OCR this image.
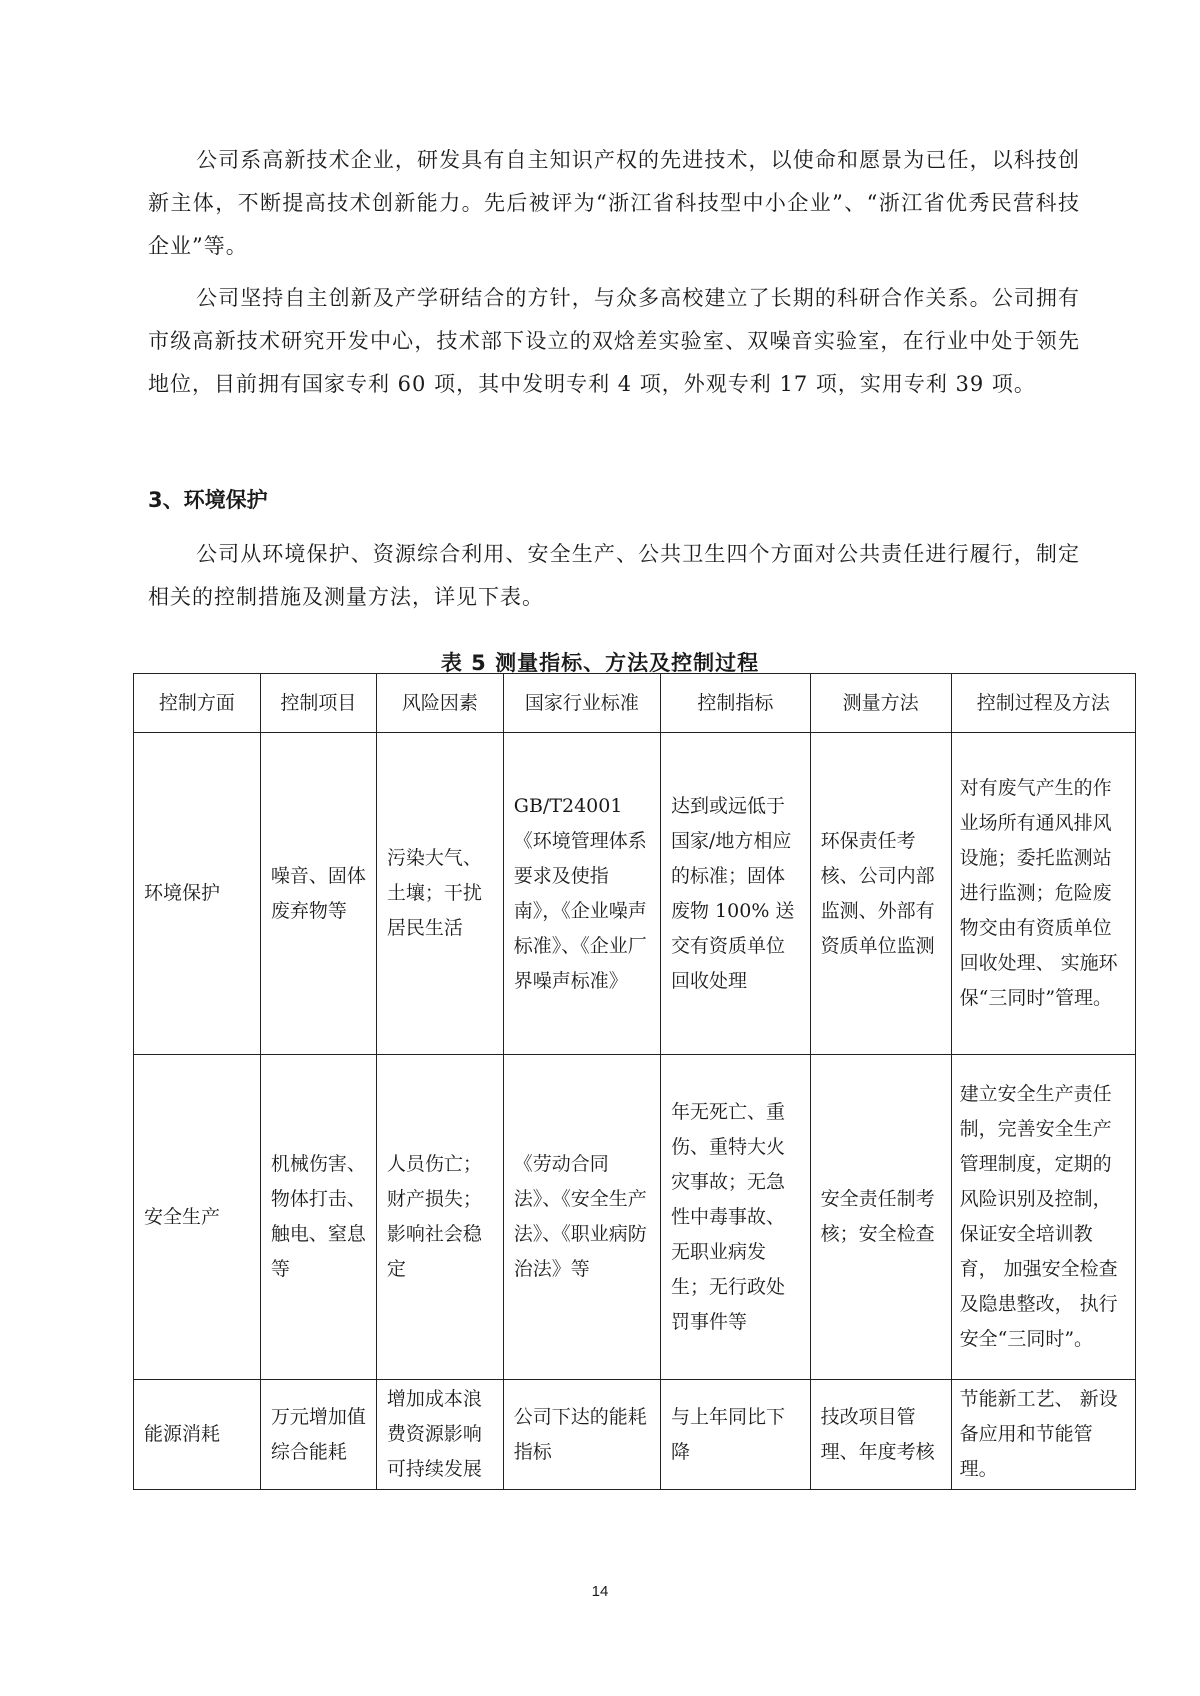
公司系高新技术企业，研发具有自主知识产权的先进技术，以使命和愿景为已任，以科技创新主体，不断提高技术创新能力。先后被评为“浙江省科技型中小企业”、“浙江省优秀民营科技企业”等。

公司坚持自主创新及产学研结合的方针，与众多高校建立了长期的科研合作关系。公司拥有市级高新技术研究开发中心，技术部下设立的双焓差实验室、双噪音实验室，在行业中处于领先地位，目前拥有国家专利 60 项，其中发明专利 4 项，外观专利 17 项，实用专利 39 项。

3、环境保护

公司从环境保护、资源综合利用、安全生产、公共卫生四个方面对公共责任进行履行，制定相关的控制措施及测量方法，详见下表。

表 5 测量指标、方法及控制过程

控制方面	控制项目	风险因素	国家行业标准	控制指标	测量方法	控制过程及方法
环境保护	噪音、固体废弃物等	污染大气、土壤；干扰居民生活	GB/T24001《环境管理体系要求及使指南》，《企业噪声标准》、《企业厂界噪声标准》	达到或远低于国家/地方相应的标准；固体废物 100% 送交有资质单位回收处理	环保责任考核、公司内部监测、外部有资质单位监测	对有废气产生的作业场所有通风排风设施；委托监测站进行监测；危险废物交由有资质单位回收处理、 实施环保“三同时”管理。
安全生产	机械伤害、物体打击、触电、窒息等	人员伤亡；财产损失；影响社会稳定	《劳动合同法》、《安全生产法》、《职业病防治法》等	年无死亡、重伤、重特大火灾事故；无急性中毒事故、无职业病发生；无行政处罚事件等	安全责任制考核；安全检查	建立安全生产责任制，完善安全生产管理制度，定期的风险识别及控制，保证安全培训教育， 加强安全检查及隐患整改， 执行安全“三同时”。
能源消耗	万元增加值综合能耗	增加成本浪费资源影响可持续发展	公司下达的能耗指标	与上年同比下降	技改项目管理、年度考核	节能新工艺、 新设备应用和节能管理。

14
